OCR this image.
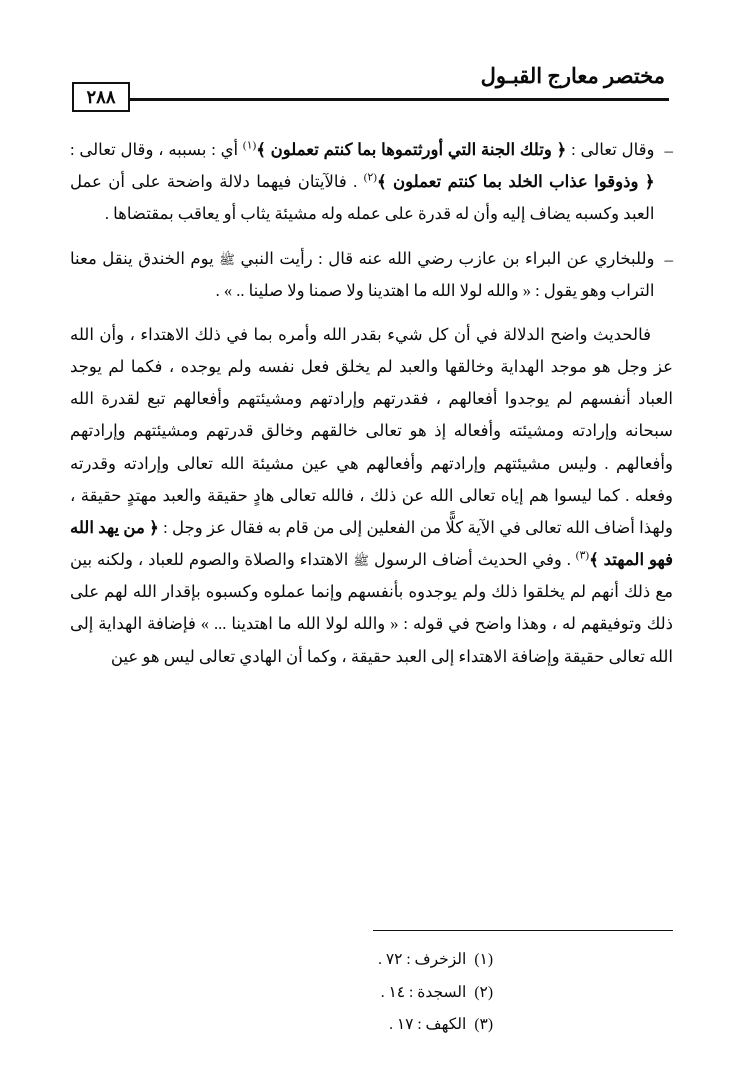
مختصر معارج القبـول
٢٨٨
–
وقال تعالى : ﴿ وتلك الجنة التي أورثتموها بما كنتم تعملون ﴾$^{(١)}$ أي : بسببه ، وقال تعالى : ﴿ وذوقوا عذاب الخلد بما كنتم تعملون ﴾$^{(٢)}$ . فالآيتان فيهما دلالة واضحة على أن عمل العبد وكسبه يضاف إليه وأن له قدرة على عمله وله مشيئة يثاب أو يعاقب بمقتضاها .
–
وللبخاري عن البراء بن عازب رضي الله عنه قال : رأيت النبي ﷺ يوم الخندق ينقل معنا التراب وهو يقول : « والله لولا الله ما اهتدينا ولا صمنا ولا صلينا .. » .
فالحديث واضح الدلالة في أن كل شيء بقدر الله وأمره بما في ذلك الاهتداء ، وأن الله عز وجل هو موجد الهداية وخالقها والعبد لم يخلق فعل نفسه ولم يوجده ، فكما لم يوجد العباد أنفسهم لم يوجدوا أفعالهم ، فقدرتهم وإرادتهم ومشيئتهم وأفعالهم تبع لقدرة الله سبحانه وإرادته ومشيئته وأفعاله إذ هو تعالى خالقهم وخالق قدرتهم ومشيئتهم وإرادتهم وأفعالهم . وليس مشيئتهم وإرادتهم وأفعالهم هي عين مشيئة الله تعالى وإرادته وقدرته وفعله . كما ليسوا هم إياه تعالى الله عن ذلك ، فالله تعالى هادٍ حقيقة والعبد مهتدٍ حقيقة ، ولهذا أضاف الله تعالى في الآية كلًّا من الفعلين إلى من قام به فقال عز وجل : ﴿ من يهد الله فهو المهتد ﴾$^{(٣)}$ . وفي الحديث أضاف الرسول ﷺ الاهتداء والصلاة والصوم للعباد ، ولكنه بين مع ذلك أنهم لم يخلقوا ذلك ولم يوجدوه بأنفسهم وإنما عملوه وكسبوه بإقدار الله لهم على ذلك وتوفيقهم له ، وهذا واضح في قوله : « والله لولا الله ما اهتدينا ... » فإضافة الهداية إلى الله تعالى حقيقة وإضافة الاهتداء إلى العبد حقيقة ، وكما أن الهادي تعالى ليس هو عين
(١)
الزخرف : ٧٢ .
(٢)
السجدة : ١٤ .
(٣)
الكهف : ١٧ .
